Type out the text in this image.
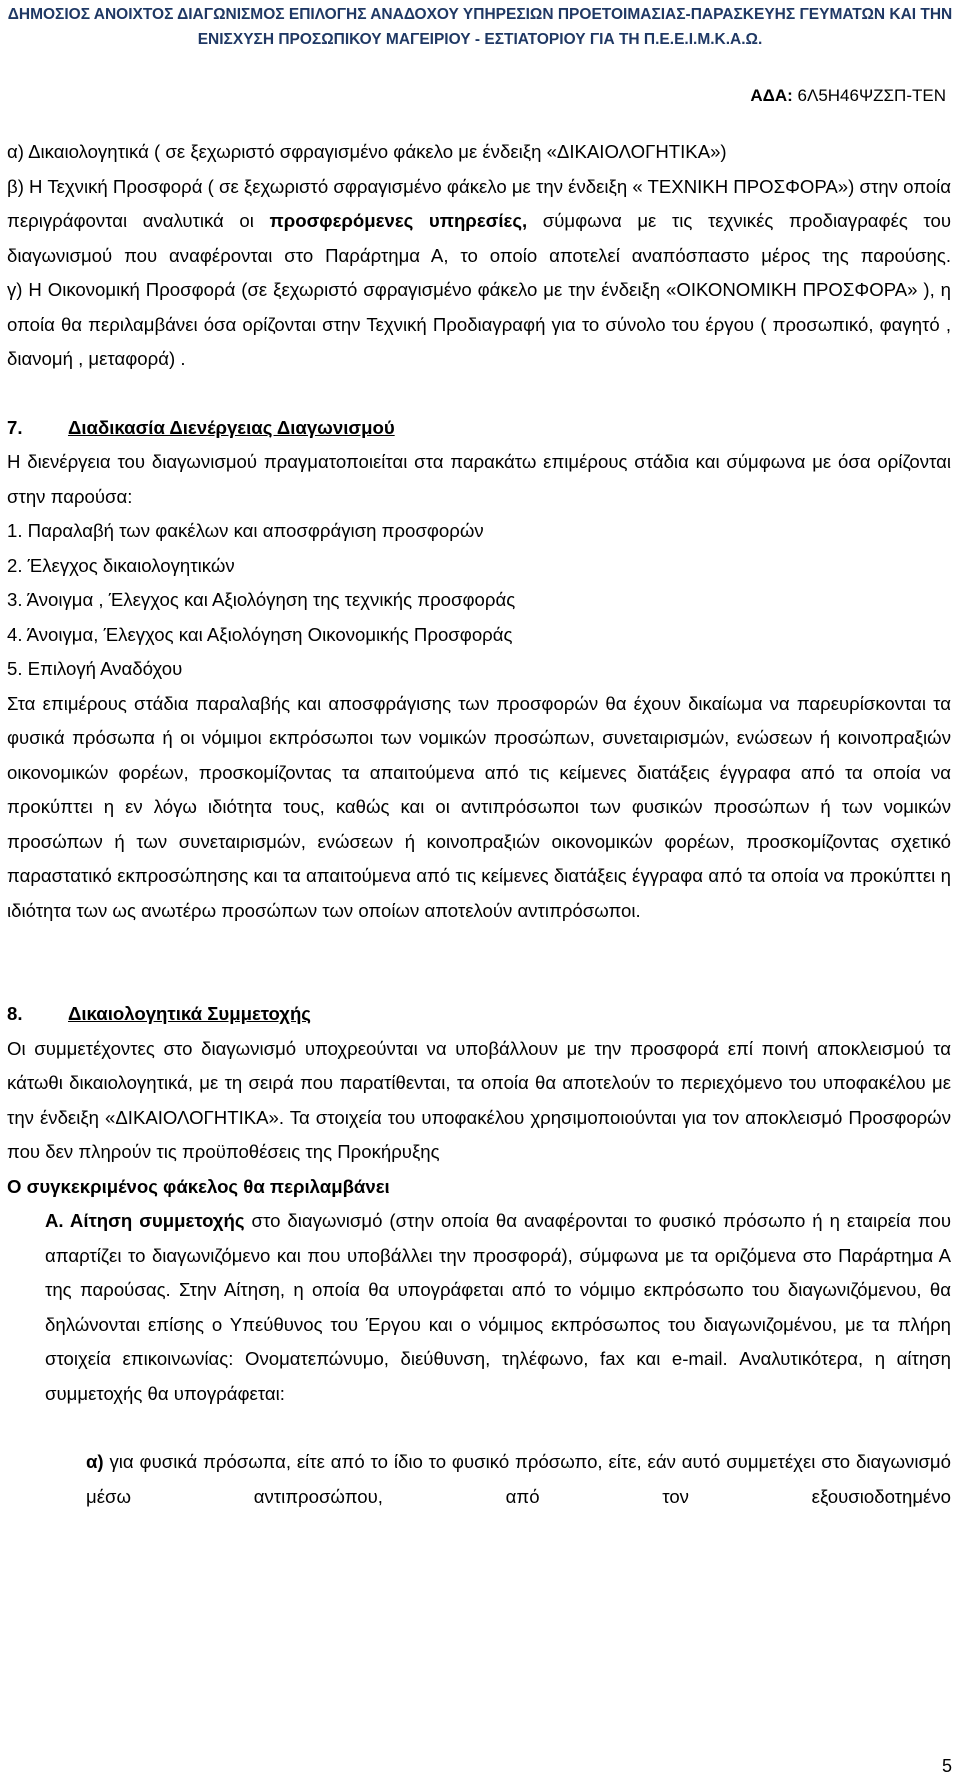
ΔΗΜΟΣΙΟΣ ΑΝΟΙΧΤΟΣ ΔΙΑΓΩΝΙΣΜΟΣ ΕΠΙΛΟΓΗΣ ΑΝΑΔΟΧΟΥ ΥΠΗΡΕΣΙΩΝ ΠΡΟΕΤΟΙΜΑΣΙΑΣ-ΠΑΡΑΣΚΕΥΗΣ ΓΕΥΜΑΤΩΝ ΚΑΙ ΤΗΝ
ΕΝΙΣΧΥΣΗ ΠΡΟΣΩΠΙΚΟΥ ΜΑΓΕΙΡΙΟΥ - ΕΣΤΙΑΤΟΡΙΟΥ ΓΙΑ ΤΗ Π.Ε.Ε.Ι.Μ.Κ.Α.Ω.
ΑΔΑ: 6Λ5Η46ΨΖΣΠ-ΤΕΝ

α) Δικαιολογητικά ( σε ξεχωριστό σφραγισμένο φάκελο με ένδειξη «ΔΙΚΑΙΟΛΟΓΗΤΙΚΑ»)

β) Η Τεχνική Προσφορά ( σε ξεχωριστό σφραγισμένο φάκελο με την ένδειξη « ΤΕΧΝΙΚΗ ΠΡΟΣΦΟΡΑ») στην οποία περιγράφονται αναλυτικά οι προσφερόμενες υπηρεσίες, σύμφωνα με τις τεχνικές προδιαγραφές του διαγωνισμού που αναφέρονται στο Παράρτημα Α, το οποίο αποτελεί αναπόσπαστο μέρος της παρούσης.

γ) Η Οικονομική Προσφορά (σε ξεχωριστό σφραγισμένο φάκελο με την ένδειξη «ΟΙΚΟΝΟΜΙΚΗ ΠΡΟΣΦΟΡΑ» ), η οποία θα περιλαμβάνει όσα ορίζονται στην Τεχνική Προδιαγραφή για το σύνολο του έργου ( προσωπικό, φαγητό , διανομή , μεταφορά) .

7. Διαδικασία Διενέργειας Διαγωνισμού

Η διενέργεια του διαγωνισμού πραγματοποιείται στα παρακάτω επιμέρους στάδια και σύμφωνα με όσα ορίζονται στην παρούσα:

1. Παραλαβή των φακέλων και αποσφράγιση προσφορών

2. Έλεγχος δικαιολογητικών

3. Άνοιγμα , Έλεγχος και Αξιολόγηση της τεχνικής προσφοράς

4. Άνοιγμα, Έλεγχος και Αξιολόγηση Οικονομικής Προσφοράς

5. Επιλογή Αναδόχου

Στα επιμέρους στάδια παραλαβής και αποσφράγισης των προσφορών θα έχουν δικαίωμα να παρευρίσκονται τα φυσικά πρόσωπα ή οι νόμιμοι εκπρόσωποι των νομικών προσώπων, συνεταιρισμών, ενώσεων ή κοινοπραξιών οικονομικών φορέων, προσκομίζοντας τα απαιτούμενα από τις κείμενες διατάξεις έγγραφα από τα οποία να προκύπτει η εν λόγω ιδιότητα τους, καθώς και οι αντιπρόσωποι των φυσικών προσώπων ή των νομικών προσώπων ή των συνεταιρισμών, ενώσεων ή κοινοπραξιών οικονομικών φορέων, προσκομίζοντας σχετικό παραστατικό εκπροσώπησης και τα απαιτούμενα από τις κείμενες διατάξεις έγγραφα από τα οποία να προκύπτει η ιδιότητα των ως ανωτέρω προσώπων των οποίων αποτελούν αντιπρόσωποι.

8. Δικαιολογητικά Συμμετοχής

Οι συμμετέχοντες στο διαγωνισμό υποχρεούνται να υποβάλλουν με την προσφορά επί ποινή αποκλεισμού τα κάτωθι δικαιολογητικά, με τη σειρά που παρατίθενται, τα οποία θα αποτελούν το περιεχόμενο του υποφακέλου με την ένδειξη «ΔΙΚΑΙΟΛΟΓΗΤΙΚΑ». Τα στοιχεία του υποφακέλου χρησιμοποιούνται για τον αποκλεισμό Προσφορών που δεν πληρούν τις προϋποθέσεις της Προκήρυξης

Ο συγκεκριμένος φάκελος θα περιλαμβάνει

Α. Αίτηση συμμετοχής στο διαγωνισμό (στην οποία θα αναφέρονται το φυσικό πρόσωπο ή η εταιρεία που απαρτίζει το διαγωνιζόμενο και που υποβάλλει την προσφορά), σύμφωνα με τα οριζόμενα στο Παράρτημα Α της παρούσας. Στην Αίτηση, η οποία θα υπογράφεται από το νόμιμο εκπρόσωπο του διαγωνιζόμενου, θα δηλώνονται επίσης ο Υπεύθυνος του Έργου και ο νόμιμος εκπρόσωπος του διαγωνιζομένου, με τα πλήρη στοιχεία επικοινωνίας: Ονοματεπώνυμο, διεύθυνση, τηλέφωνο, fax και e-mail. Αναλυτικότερα, η αίτηση συμμετοχής θα υπογράφεται:

α) για φυσικά πρόσωπα, είτε από το ίδιο το φυσικό πρόσωπο, είτε, εάν αυτό συμμετέχει στο διαγωνισμό μέσω αντιπροσώπου, από τον εξουσιοδοτημένο

5
